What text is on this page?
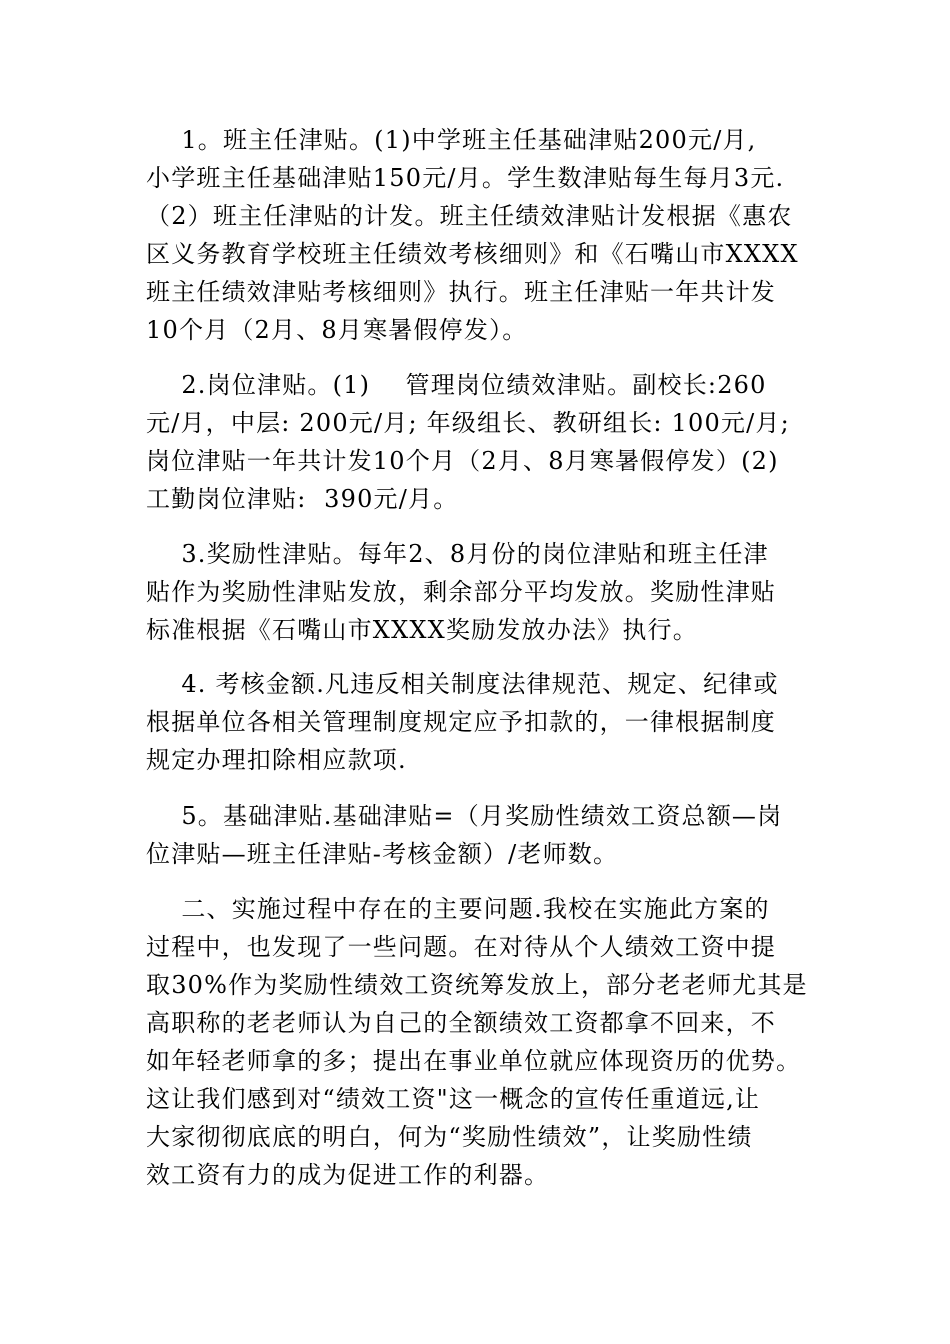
1。班主任津贴。(1)中学班主任基础津贴200元/月,
小学班主任基础津贴150元/月。学生数津贴每生每月3元.
（2）班主任津贴的计发。班主任绩效津贴计发根据《惠农
区义务教育学校班主任绩效考核细则》和《石嘴山市XXXX
班主任绩效津贴考核细则》执行。班主任津贴一年共计发
10个月（2月、8月寒暑假停发）。
2.岗位津贴。(1)    管理岗位绩效津贴。副校长:260
元/月，中层: 200元/月; 年级组长、教研组长: 100元/月;
岗位津贴一年共计发10个月（2月、8月寒暑假停发）(2)
工勤岗位津贴:  390元/月。
3.奖励性津贴。每年2、8月份的岗位津贴和班主任津
贴作为奖励性津贴发放，剩余部分平均发放。奖励性津贴
标准根据《石嘴山市XXXX奖励发放办法》执行。
4. 考核金额.凡违反相关制度法律规范、规定、纪律或
根据单位各相关管理制度规定应予扣款的，一律根据制度
规定办理扣除相应款项.
5。基础津贴.基础津贴=（月奖励性绩效工资总额—岗
位津贴—班主任津贴-考核金额）/老师数。
二、实施过程中存在的主要问题.我校在实施此方案的
过程中，也发现了一些问题。在对待从个人绩效工资中提
取30%作为奖励性绩效工资统筹发放上，部分老老师尤其是
高职称的老老师认为自己的全额绩效工资都拿不回来，不
如年轻老师拿的多；提出在事业单位就应体现资历的优势。
这让我们感到对“绩效工资"这一概念的宣传任重道远,让
大家彻彻底底的明白，何为“奖励性绩效”，让奖励性绩
效工资有力的成为促进工作的利器。
